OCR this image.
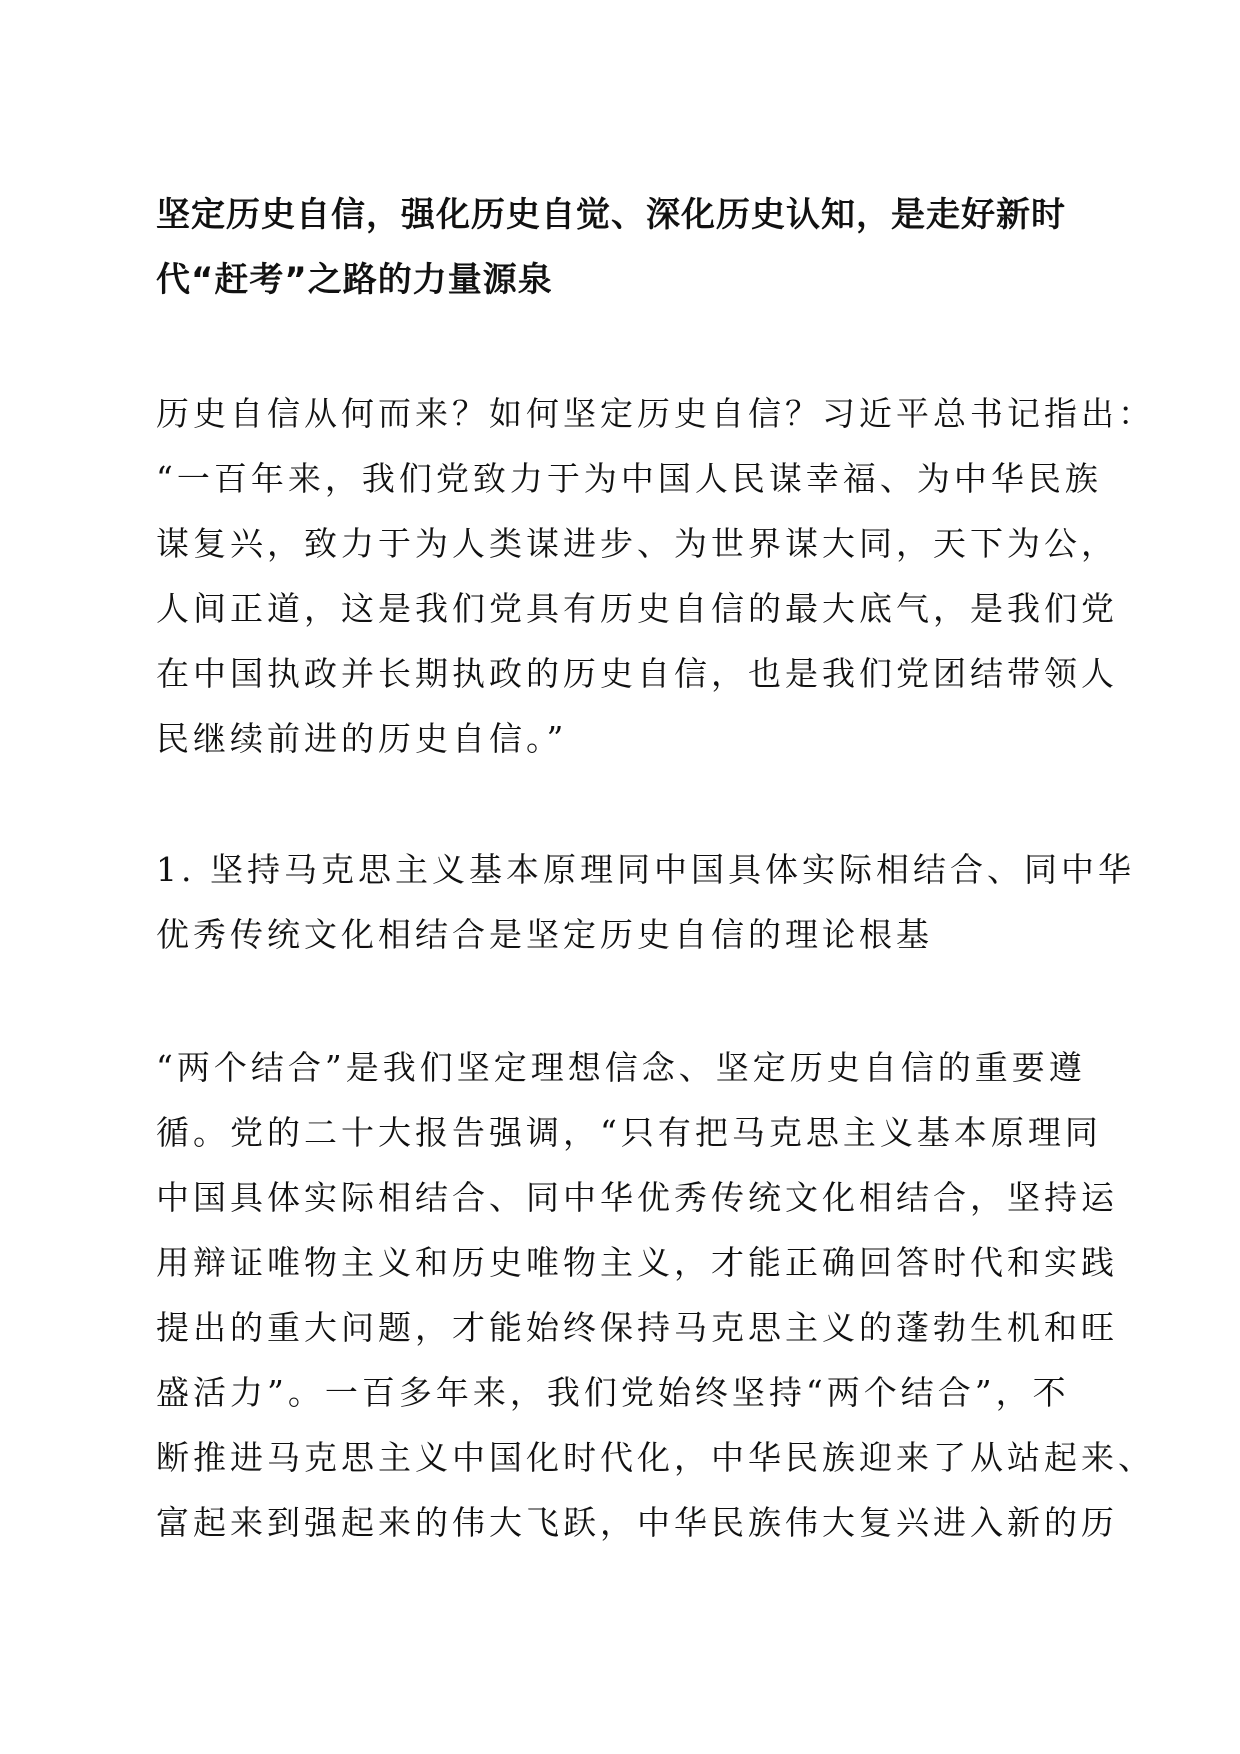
坚定历史自信，强化历史自觉、深化历史认知，是走好新时

代“赶考”之路的力量源泉

历史自信从何而来？如何坚定历史自信？习近平总书记指出：

“一百年来，我们党致力于为中国人民谋幸福、为中华民族

谋复兴，致力于为人类谋进步、为世界谋大同，天下为公，

人间正道，这是我们党具有历史自信的最大底气，是我们党

在中国执政并长期执政的历史自信，也是我们党团结带领人

民继续前进的历史自信。”

1. 坚持马克思主义基本原理同中国具体实际相结合、同中华

优秀传统文化相结合是坚定历史自信的理论根基

“两个结合”是我们坚定理想信念、坚定历史自信的重要遵

循。党的二十大报告强调，“只有把马克思主义基本原理同

中国具体实际相结合、同中华优秀传统文化相结合，坚持运

用辩证唯物主义和历史唯物主义，才能正确回答时代和实践

提出的重大问题，才能始终保持马克思主义的蓬勃生机和旺

盛活力”。一百多年来，我们党始终坚持“两个结合”，不

断推进马克思主义中国化时代化，中华民族迎来了从站起来、

富起来到强起来的伟大飞跃，中华民族伟大复兴进入新的历
